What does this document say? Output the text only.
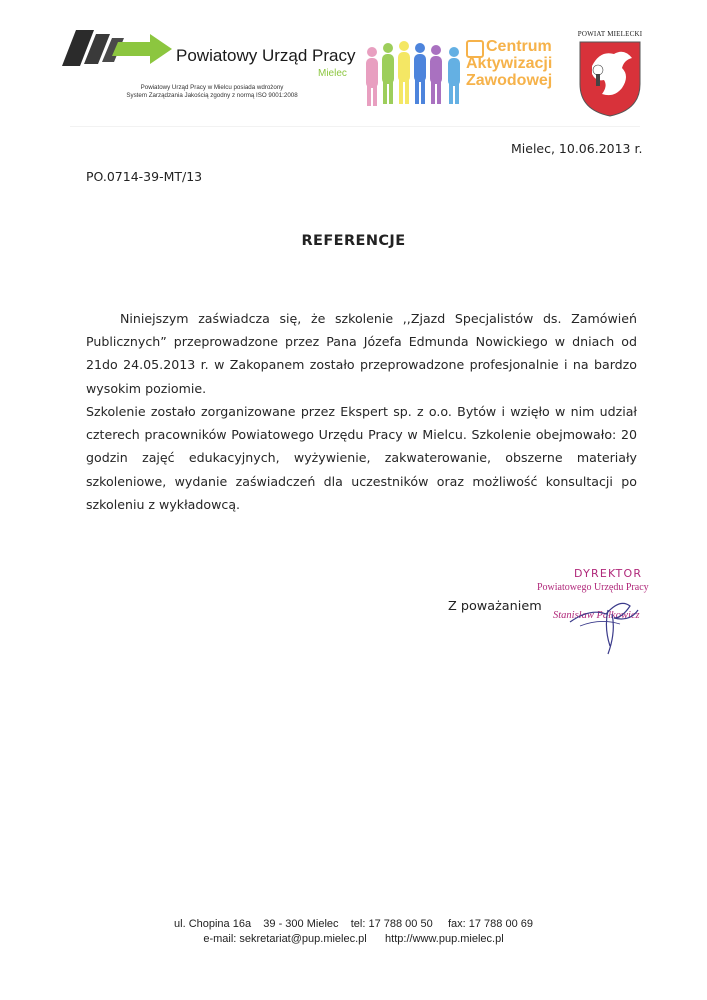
Powiatowy Urząd Pracy
Mielec
Powiatowy Urząd Pracy w Mielcu posiada wdrożony
System Zarządzania Jakością zgodny z normą ISO 9001:2008
Centrum
Aktywizacji
Zawodowej
POWIAT MIELECKI
Mielec, 10.06.2013 r.
PO.0714-39-MT/13
REFERENCJE
Niniejszym zaświadcza się, że szkolenie ,,Zjazd Specjalistów ds. Zamówień Publicznych” przeprowadzone przez Pana Józefa Edmunda Nowickiego w dniach od 21do 24.05.2013 r. w Zakopanem zostało przeprowadzone profesjonalnie i na bardzo wysokim poziomie.
Szkolenie zostało zorganizowane przez Ekspert sp. z o.o. Bytów i wzięło w nim udział czterech pracowników Powiatowego Urzędu Pracy w Mielcu. Szkolenie obejmowało: 20 godzin zajęć edukacyjnych, wyżywienie, zakwaterowanie, obszerne materiały szkoleniowe, wydanie zaświadczeń dla uczestników oraz możliwość konsultacji po szkoleniu z wykładowcą.
Z poważaniem
DYREKTOR
Powiatowego Urzędu Pracy
Stanisław Pałkowicz
ul. Chopina 16a    39 - 300 Mielec    tel: 17 788 00 50     fax: 17 788 00 69
e-mail: sekretariat@pup.mielec.pl      http://www.pup.mielec.pl
